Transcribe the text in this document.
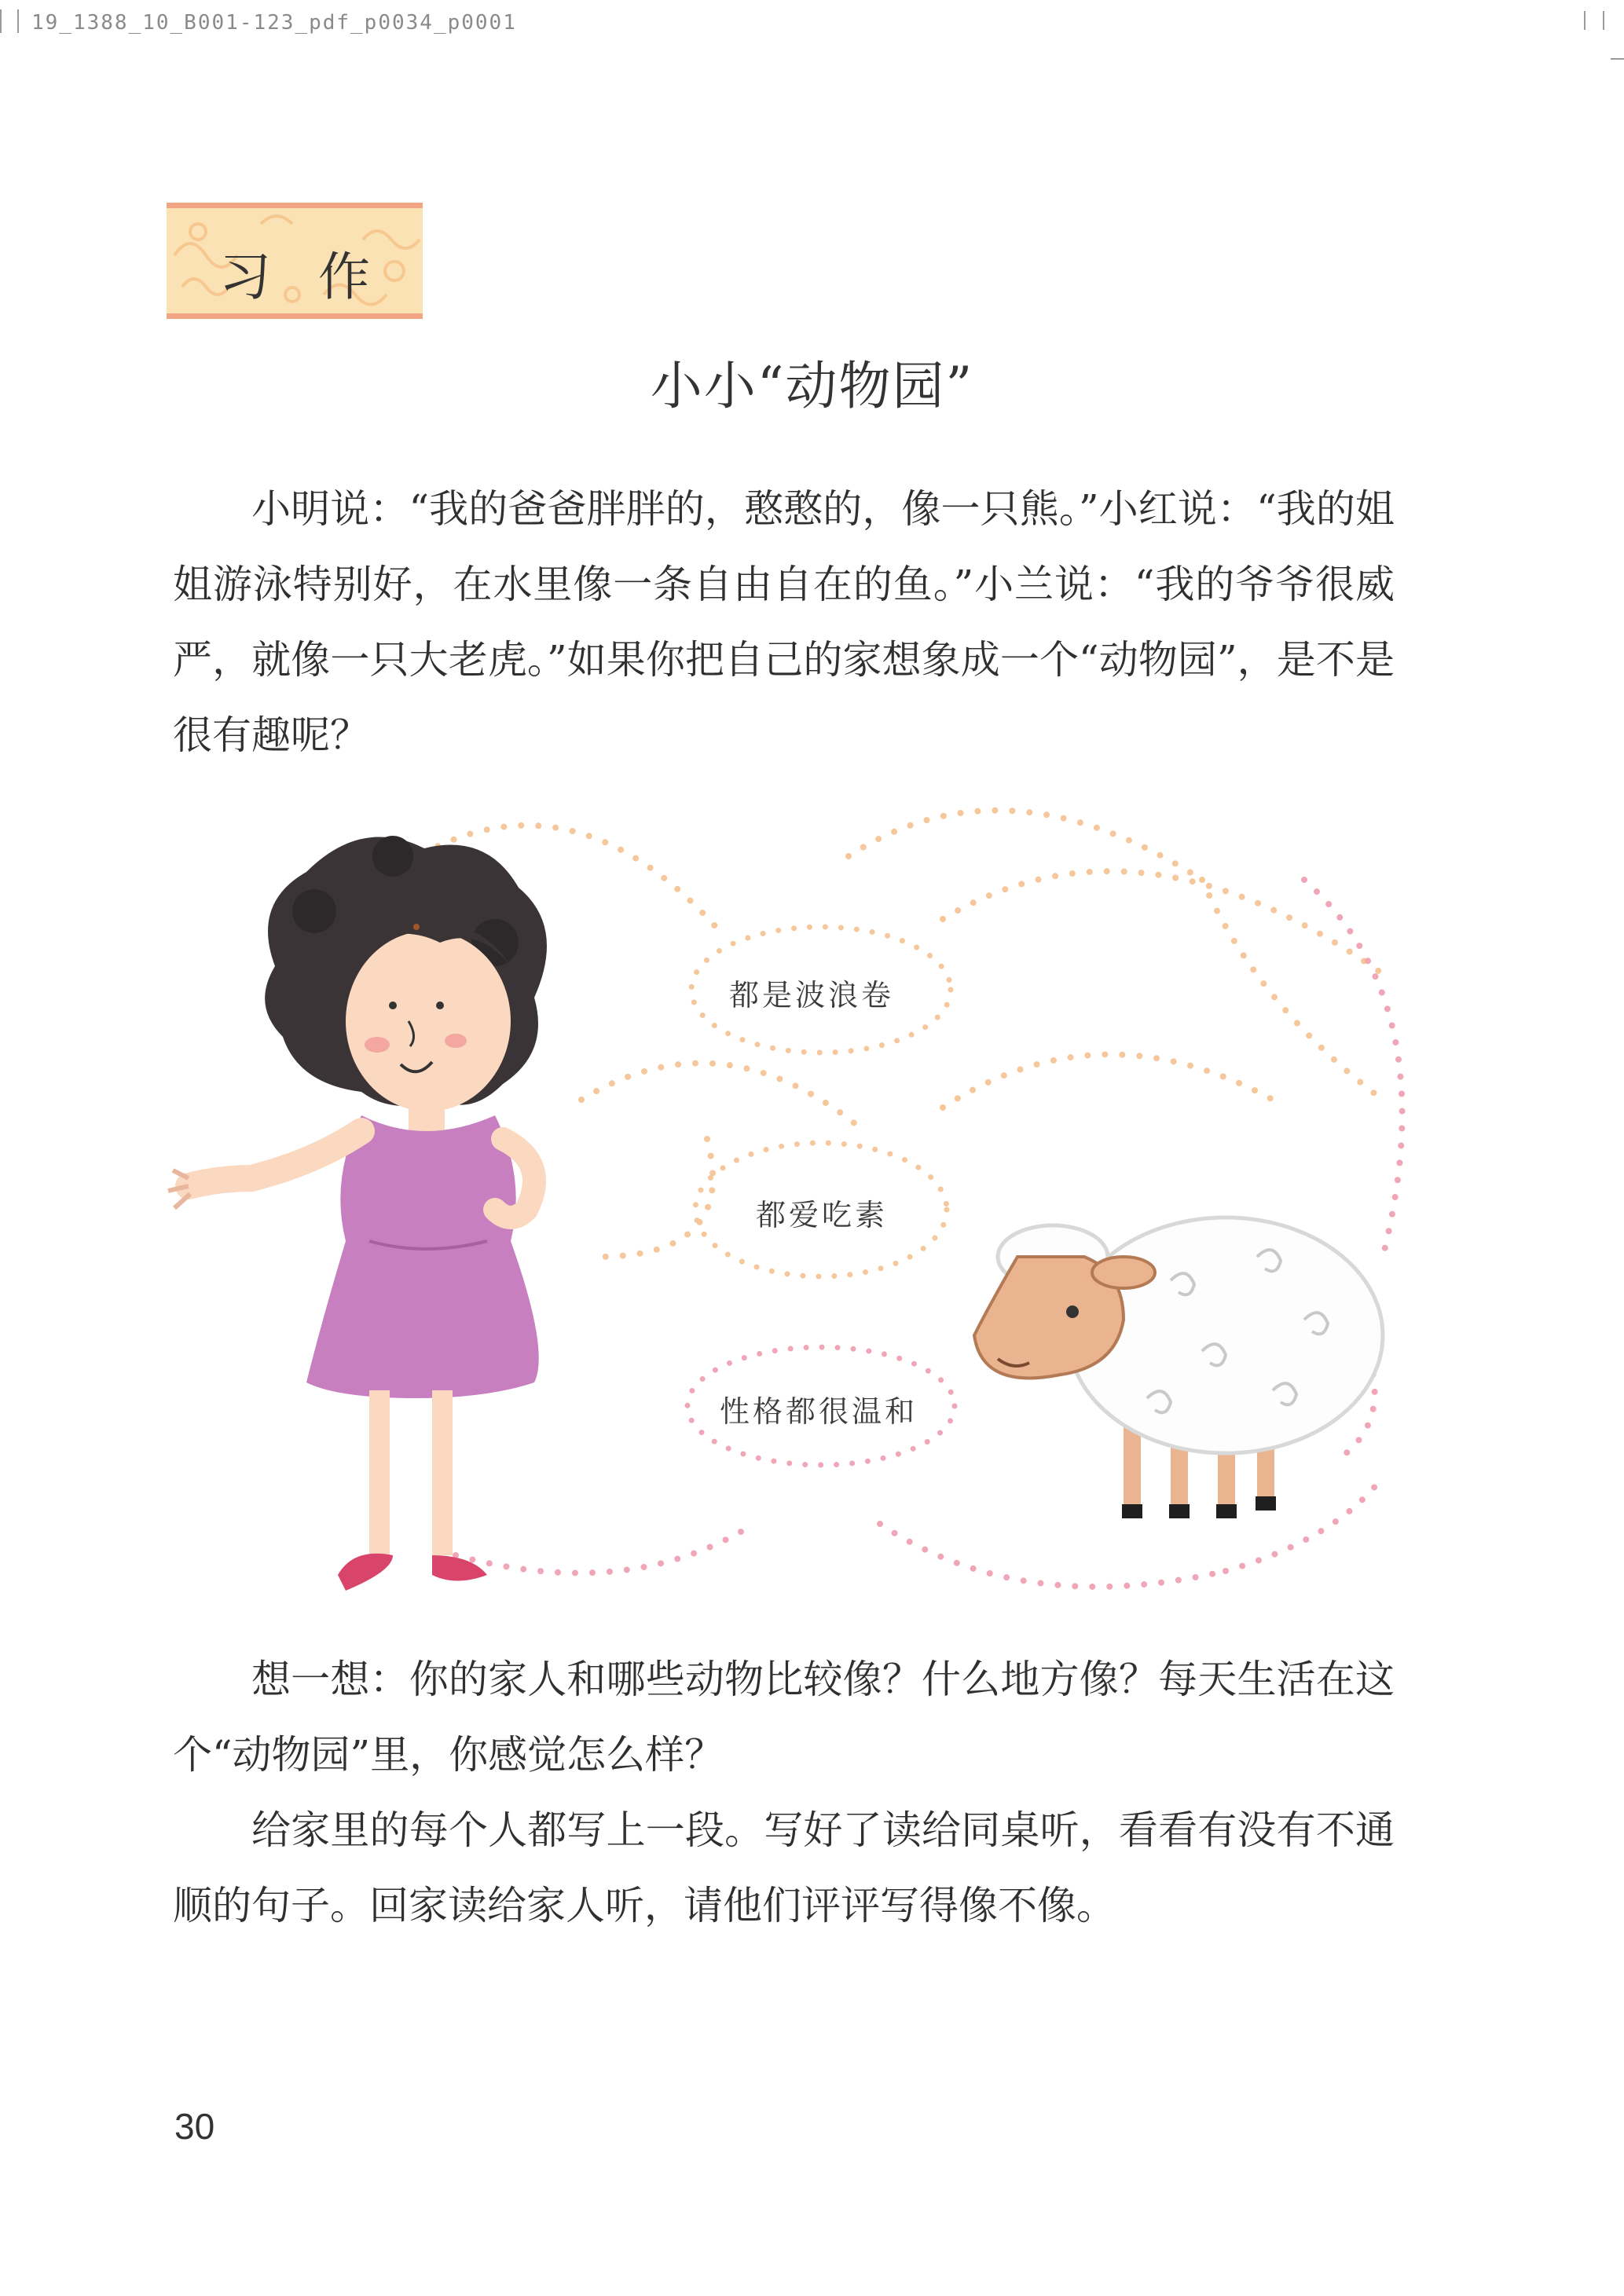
19_1388_10_B001-123_pdf_p0034_p0001
习作
小小“动物园”
小明说：“我的爸爸胖胖的，憨憨的，像一只熊。”小红说：“我的姐姐游泳特别好，在水里像一条自由自在的鱼。”小兰说：“我的爷爷很威严，就像一只大老虎。”如果你把自己的家想象成一个“动物园”，是不是很有趣呢？
都是波浪卷
都爱吃素
性格都很温和
想一想：你的家人和哪些动物比较像？什么地方像？每天生活在这个“动物园”里，你感觉怎么样？
给家里的每个人都写上一段。写好了读给同桌听，看看有没有不通顺的句子。回家读给家人听，请他们评评写得像不像。
30
